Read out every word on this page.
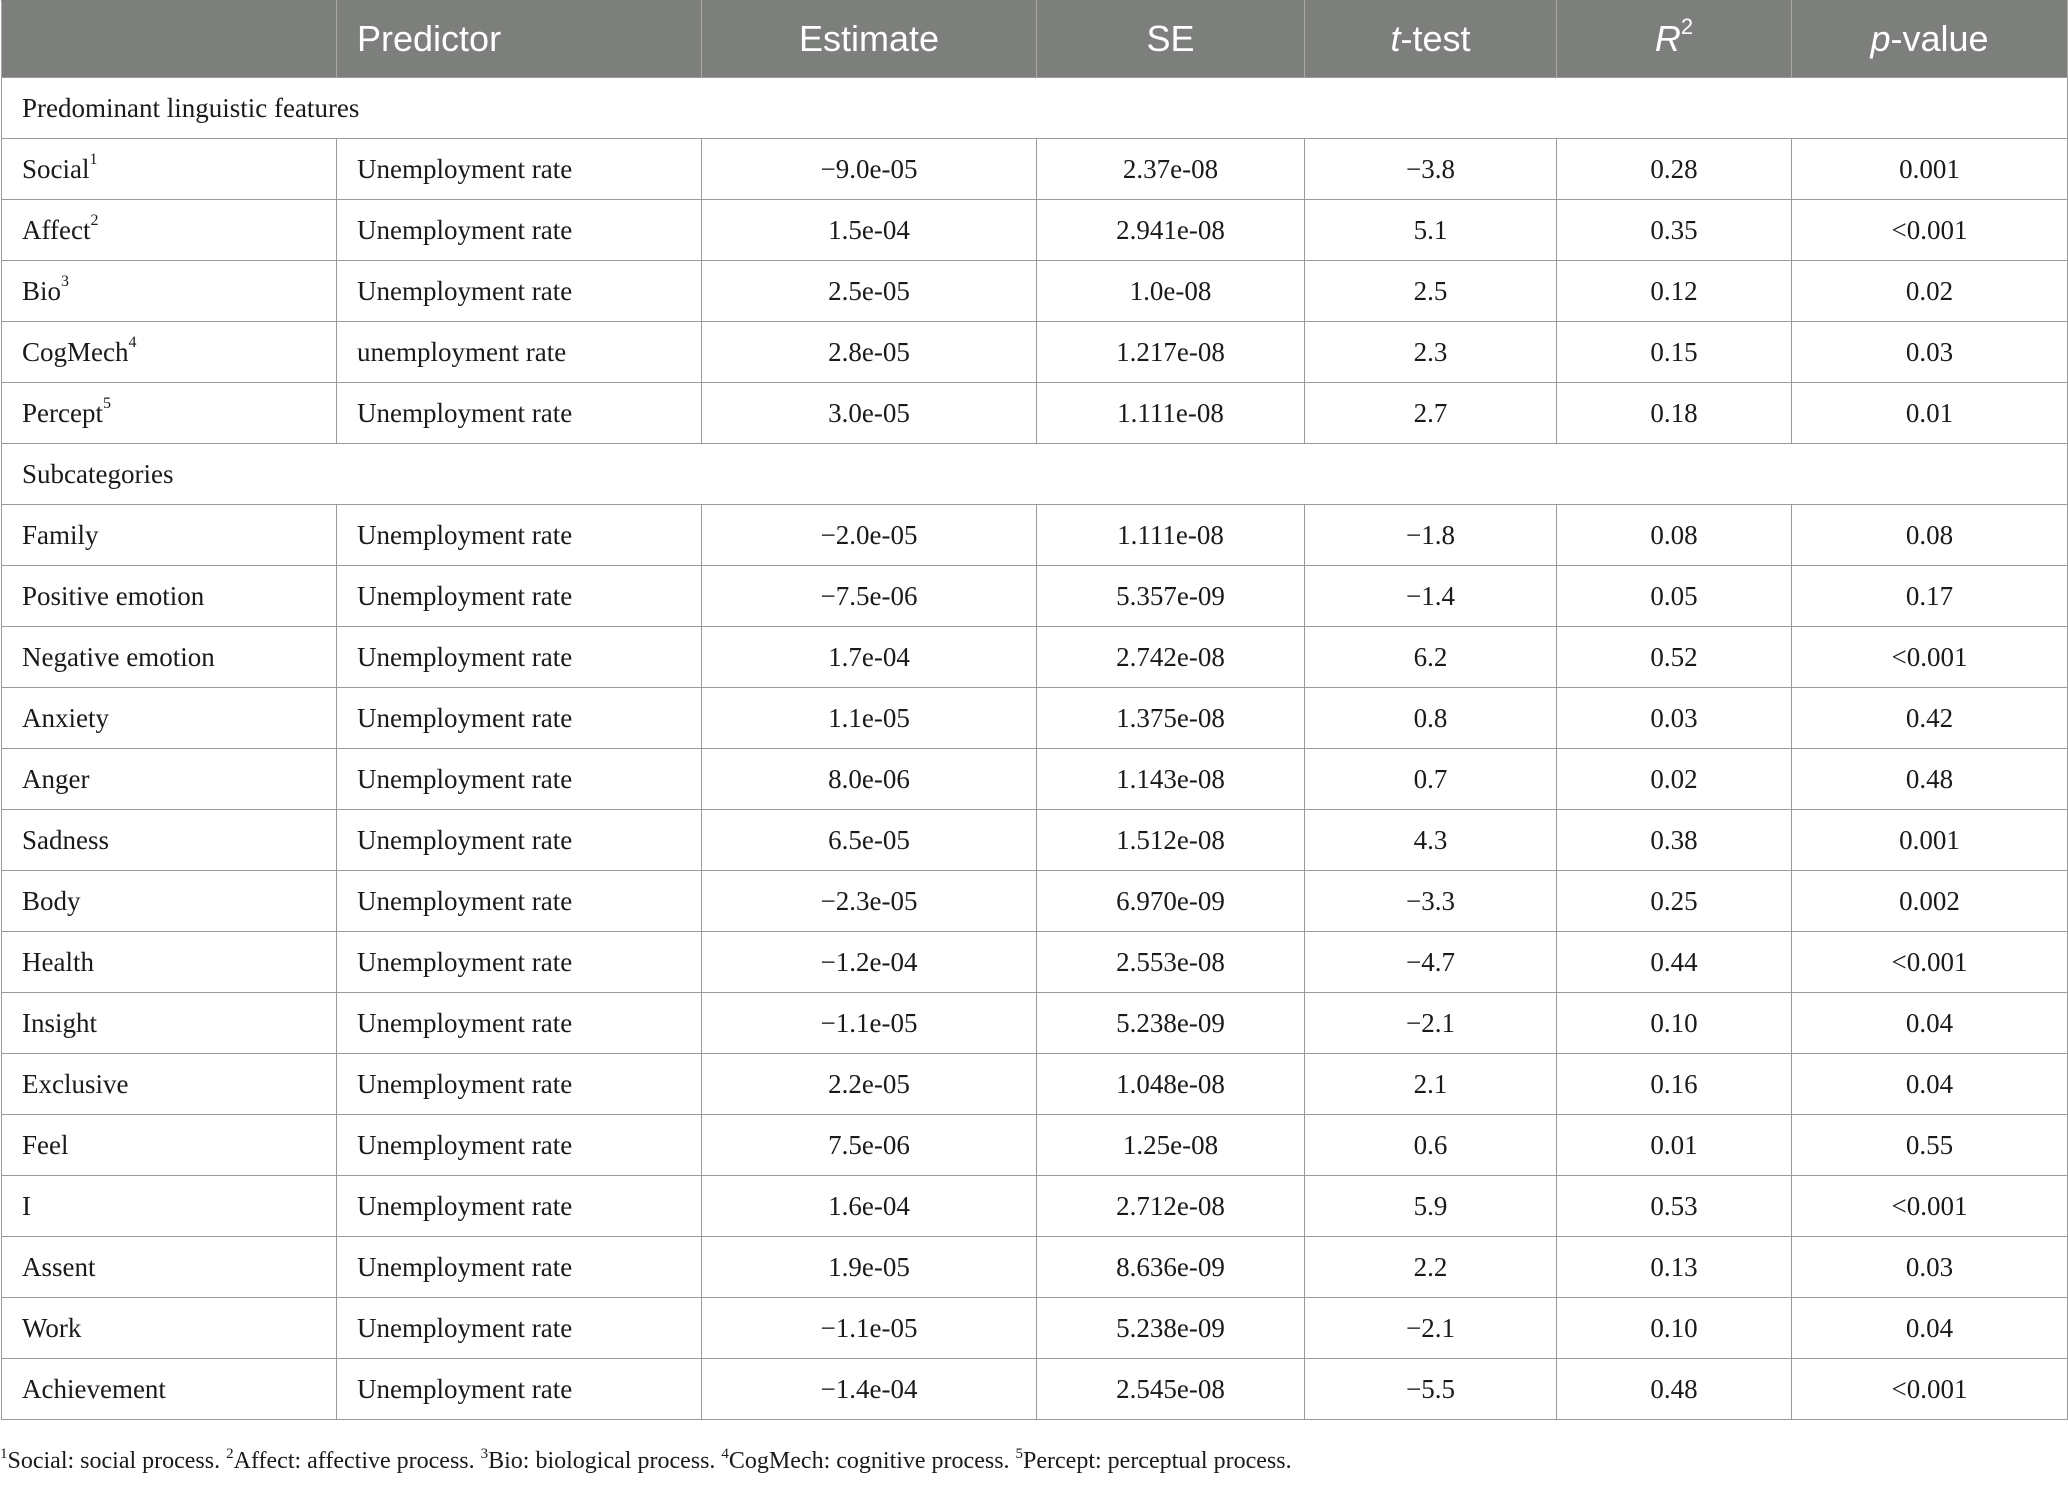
	Predictor	Estimate	SE	t-test	$R^2$	p-value
Predominant linguistic features						
Social$^1$	Unemployment rate	−9.0e-05	2.37e-08	−3.8	0.28	0.001
Affect$^2$	Unemployment rate	1.5e-04	2.941e-08	5.1	0.35	<0.001
Bio$^3$	Unemployment rate	2.5e-05	1.0e-08	2.5	0.12	0.02
CogMech$^4$	unemployment rate	2.8e-05	1.217e-08	2.3	0.15	0.03
Percept$^5$	Unemployment rate	3.0e-05	1.111e-08	2.7	0.18	0.01
Subcategories						
Family	Unemployment rate	−2.0e-05	1.111e-08	−1.8	0.08	0.08
Positive emotion	Unemployment rate	−7.5e-06	5.357e-09	−1.4	0.05	0.17
Negative emotion	Unemployment rate	1.7e-04	2.742e-08	6.2	0.52	<0.001
Anxiety	Unemployment rate	1.1e-05	1.375e-08	0.8	0.03	0.42
Anger	Unemployment rate	8.0e-06	1.143e-08	0.7	0.02	0.48
Sadness	Unemployment rate	6.5e-05	1.512e-08	4.3	0.38	0.001
Body	Unemployment rate	−2.3e-05	6.970e-09	−3.3	0.25	0.002
Health	Unemployment rate	−1.2e-04	2.553e-08	−4.7	0.44	<0.001
Insight	Unemployment rate	−1.1e-05	5.238e-09	−2.1	0.10	0.04
Exclusive	Unemployment rate	2.2e-05	1.048e-08	2.1	0.16	0.04
Feel	Unemployment rate	7.5e-06	1.25e-08	0.6	0.01	0.55
I	Unemployment rate	1.6e-04	2.712e-08	5.9	0.53	<0.001
Assent	Unemployment rate	1.9e-05	8.636e-09	2.2	0.13	0.03
Work	Unemployment rate	−1.1e-05	5.238e-09	−2.1	0.10	0.04
Achievement	Unemployment rate	−1.4e-04	2.545e-08	−5.5	0.48	<0.001
$^1$Social: social process. $^2$Affect: affective process. $^3$Bio: biological process. $^4$CogMech: cognitive process. $^5$Percept: perceptual process.
